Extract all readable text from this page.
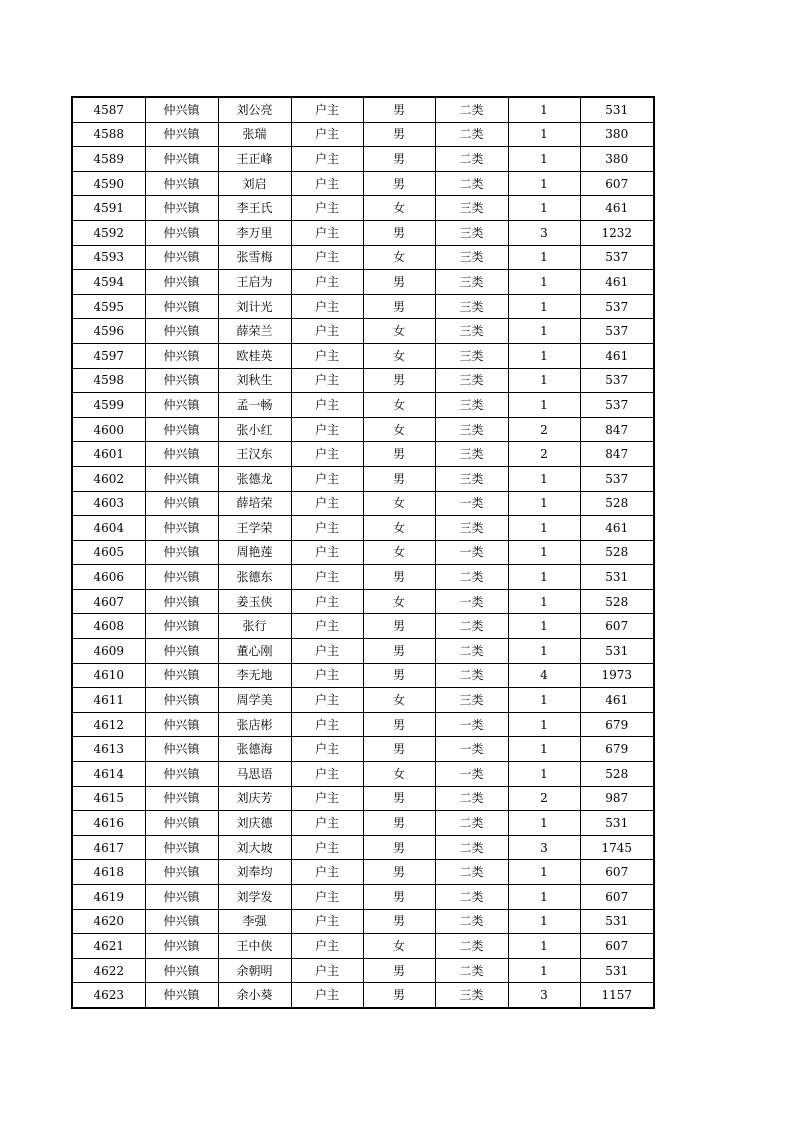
4587	仲兴镇	刘公亮	户主	男	二类	1	531
4588	仲兴镇	张瑞	户主	男	二类	1	380
4589	仲兴镇	王正峰	户主	男	二类	1	380
4590	仲兴镇	刘启	户主	男	二类	1	607
4591	仲兴镇	李王氏	户主	女	三类	1	461
4592	仲兴镇	李万里	户主	男	三类	3	1232
4593	仲兴镇	张雪梅	户主	女	三类	1	537
4594	仲兴镇	王启为	户主	男	三类	1	461
4595	仲兴镇	刘计光	户主	男	三类	1	537
4596	仲兴镇	薛荣兰	户主	女	三类	1	537
4597	仲兴镇	欧桂英	户主	女	三类	1	461
4598	仲兴镇	刘秋生	户主	男	三类	1	537
4599	仲兴镇	孟一畅	户主	女	三类	1	537
4600	仲兴镇	张小红	户主	女	三类	2	847
4601	仲兴镇	王汉东	户主	男	三类	2	847
4602	仲兴镇	张德龙	户主	男	三类	1	537
4603	仲兴镇	薛培荣	户主	女	一类	1	528
4604	仲兴镇	王学荣	户主	女	三类	1	461
4605	仲兴镇	周艳莲	户主	女	一类	1	528
4606	仲兴镇	张德东	户主	男	二类	1	531
4607	仲兴镇	姜玉侠	户主	女	一类	1	528
4608	仲兴镇	张行	户主	男	二类	1	607
4609	仲兴镇	董心刚	户主	男	二类	1	531
4610	仲兴镇	李无地	户主	男	二类	4	1973
4611	仲兴镇	周学美	户主	女	三类	1	461
4612	仲兴镇	张店彬	户主	男	一类	1	679
4613	仲兴镇	张德海	户主	男	一类	1	679
4614	仲兴镇	马思语	户主	女	一类	1	528
4615	仲兴镇	刘庆芳	户主	男	二类	2	987
4616	仲兴镇	刘庆德	户主	男	二类	1	531
4617	仲兴镇	刘大坡	户主	男	二类	3	1745
4618	仲兴镇	刘奉均	户主	男	二类	1	607
4619	仲兴镇	刘学发	户主	男	二类	1	607
4620	仲兴镇	李强	户主	男	二类	1	531
4621	仲兴镇	王中侠	户主	女	二类	1	607
4622	仲兴镇	余朝明	户主	男	二类	1	531
4623	仲兴镇	余小葵	户主	男	三类	3	1157
